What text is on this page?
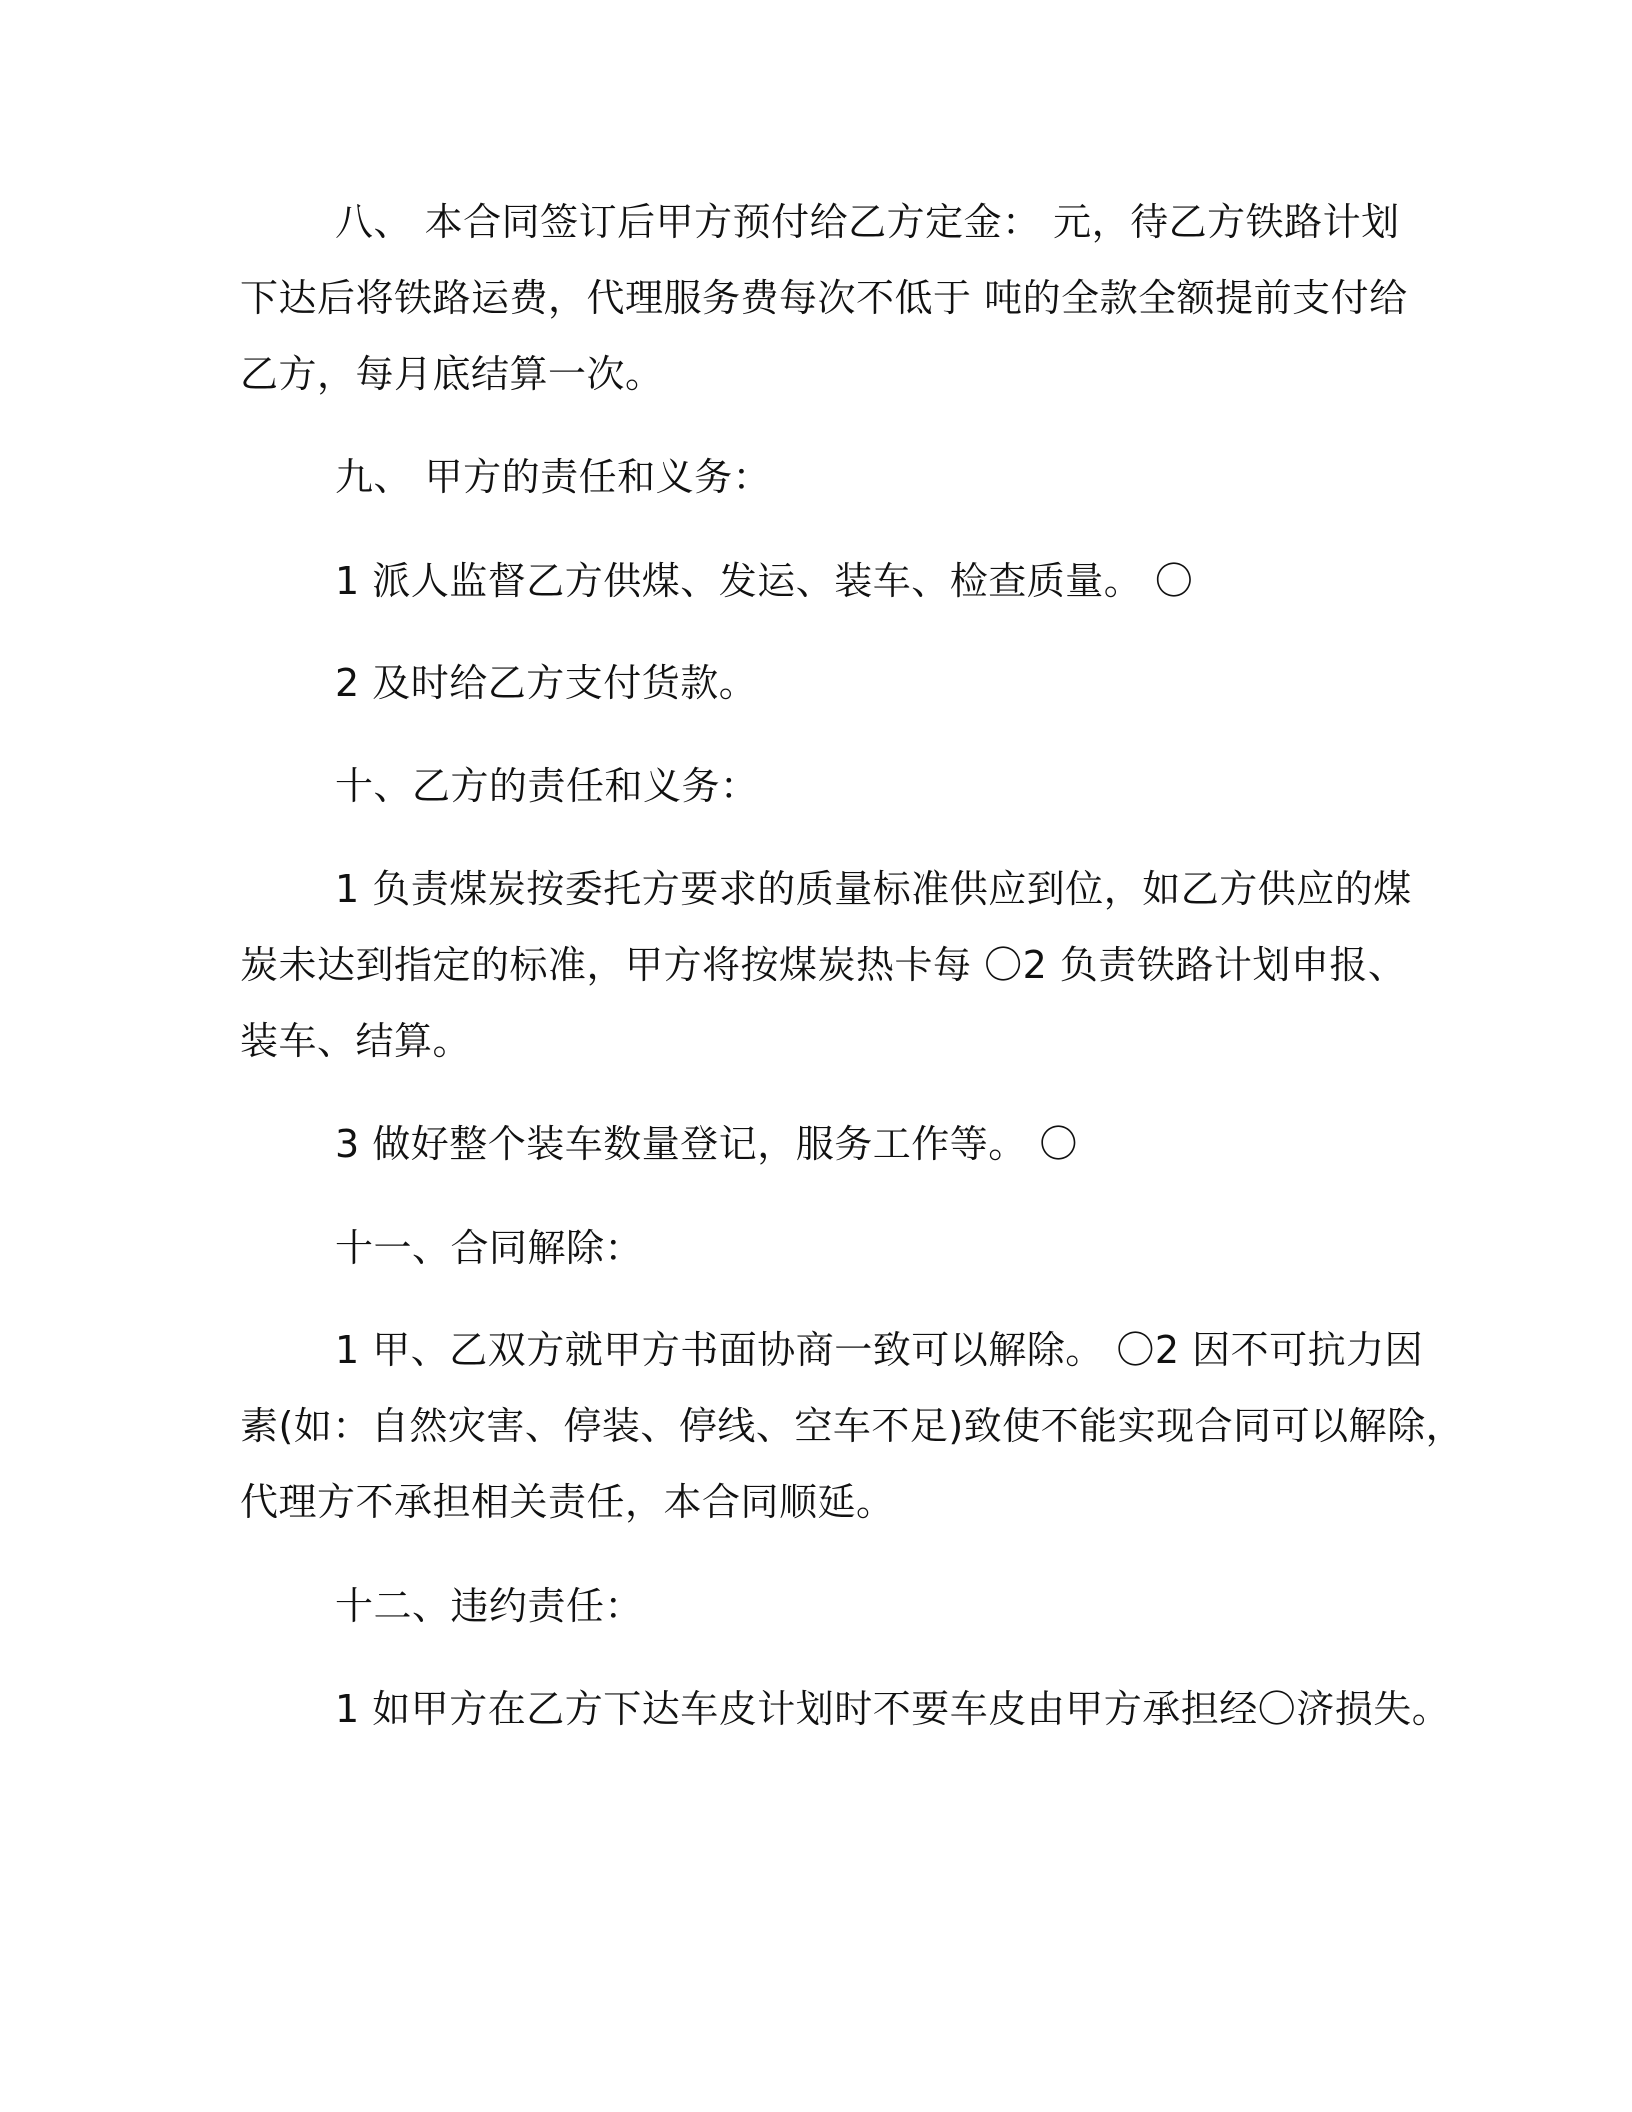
八、 本合同签订后甲方预付给乙方定金： 元，待乙方铁路计划
下达后将铁路运费，代理服务费每次不低于 吨的全款全额提前支付给
乙方，每月底结算一次。
九、 甲方的责任和义务：
1 派人监督乙方供煤、发运、装车、检查质量。 〇
2 及时给乙方支付货款。
十、乙方的责任和义务：
1 负责煤炭按委托方要求的质量标准供应到位，如乙方供应的煤
炭未达到指定的标准，甲方将按煤炭热卡每 〇2 负责铁路计划申报、
装车、结算。
3 做好整个装车数量登记，服务工作等。 〇
十一、合同解除：
1 甲、乙双方就甲方书面协商一致可以解除。 〇2 因不可抗力因
素(如：自然灾害、停装、停线、空车不足)致使不能实现合同可以解除，
代理方不承担相关责任，本合同顺延。
十二、违约责任：
1 如甲方在乙方下达车皮计划时不要车皮由甲方承担经〇济损失。
